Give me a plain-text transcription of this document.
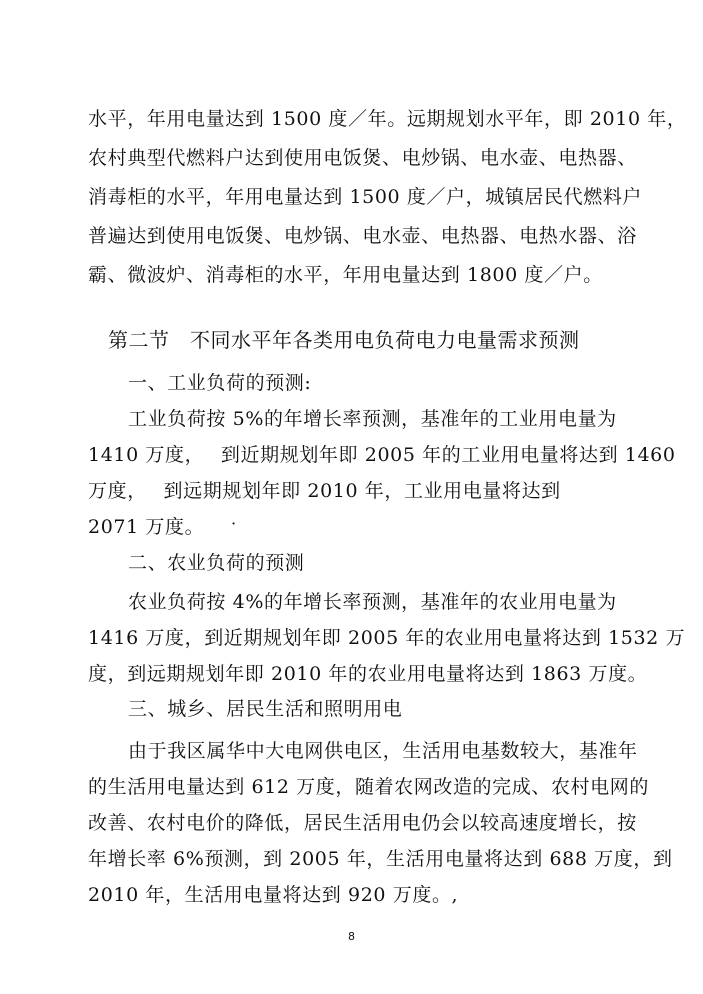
水平，年用电量达到 1500 度／年。远期规划水平年，即 2010 年，
农村典型代燃料户达到使用电饭煲、电炒锅、电水壶、电热器、
消毒柜的水平，年用电量达到 1500 度／户，城镇居民代燃料户
普遍达到使用电饭煲、电炒锅、电水壶、电热器、电热水器、浴
霸、微波炉、消毒柜的水平，年用电量达到 1800 度／户。
第二节　不同水平年各类用电负荷电力电量需求预测
一、工业负荷的预测:
工业负荷按 5%的年增长率预测，基准年的工业用电量为
1410 万度，　 到近期规划年即 2005 年的工业用电量将达到 1460
万度，　 到远期规划年即 2010 年，工业用电量将达到
2071 万度。 ·
二、农业负荷的预测
农业负荷按 4%的年增长率预测，基准年的农业用电量为
1416 万度，到近期规划年即 2005 年的农业用电量将达到 1532 万
度，到远期规划年即 2010 年的农业用电量将达到 1863 万度。
三、城乡、居民生活和照明用电
由于我区属华中大电网供电区，生活用电基数较大，基准年
的生活用电量达到 612 万度，随着农网改造的完成、农村电网的
改善、农村电价的降低，居民生活用电仍会以较高速度增长，按
年增长率 6%预测，到 2005 年，生活用电量将达到 688 万度，到
2010 年，生活用电量将达到 920 万度。,
8
